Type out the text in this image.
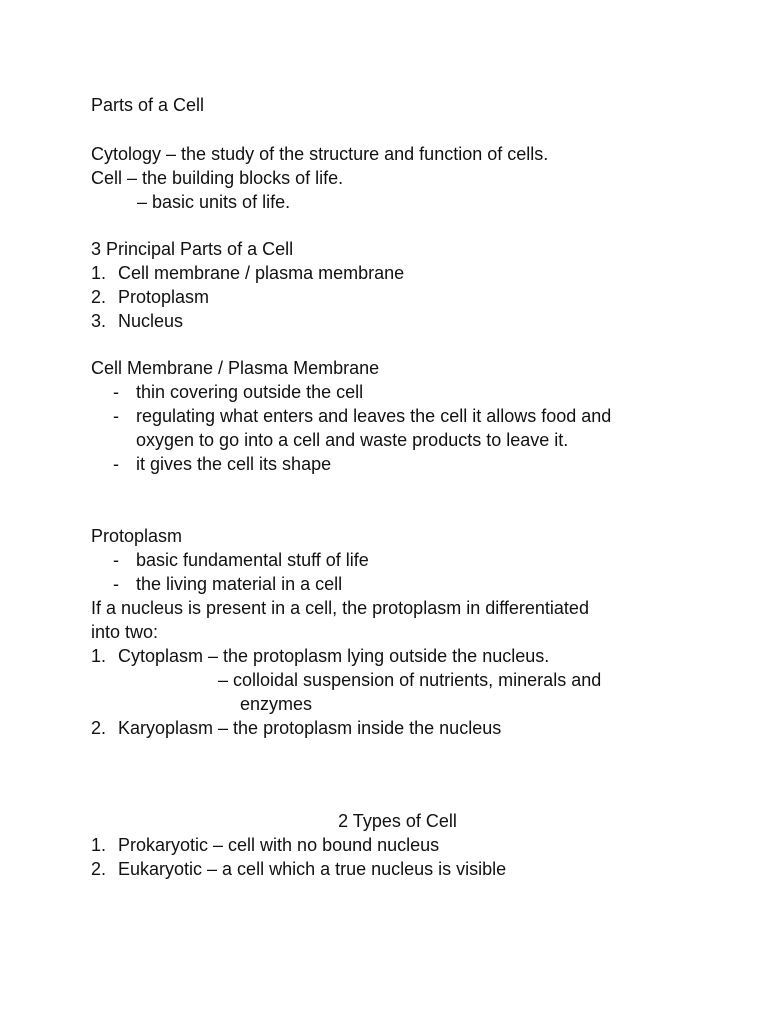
Parts of a Cell
Cytology – the study of the structure and function of cells.
Cell – the building blocks of life.
– basic units of life.
3 Principal Parts of a Cell
1. Cell membrane / plasma membrane
2. Protoplasm
3. Nucleus
Cell Membrane / Plasma Membrane
- thin covering outside the cell
- regulating what enters and leaves the cell it allows food and
oxygen to go into a cell and waste products to leave it.
- it gives the cell its shape
Protoplasm
- basic fundamental stuff of life
- the living material in a cell
If a nucleus is present in a cell, the protoplasm in differentiated
into two:
1. Cytoplasm – the protoplasm lying outside the nucleus.
– colloidal suspension of nutrients, minerals and
enzymes
2. Karyoplasm – the protoplasm inside the nucleus
2 Types of Cell
1. Prokaryotic – cell with no bound nucleus
2. Eukaryotic – a cell which a true nucleus is visible
